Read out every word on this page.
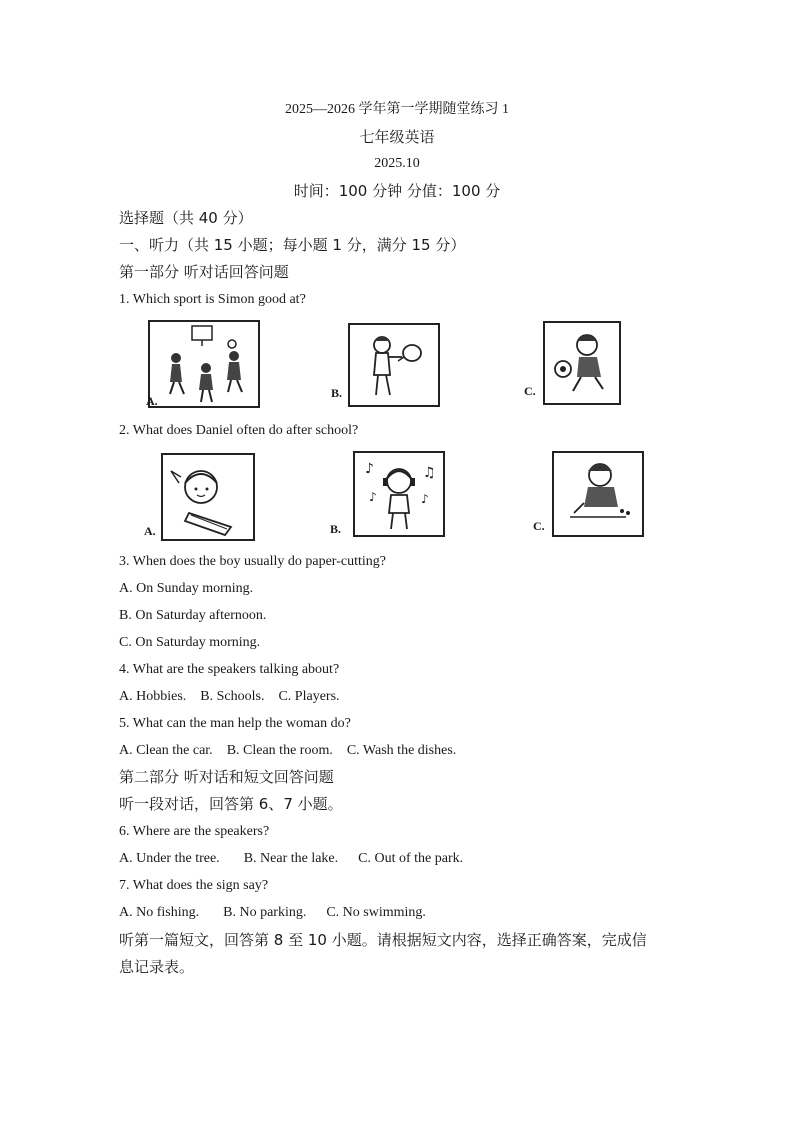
2025—2026 学年第一学期随堂练习 1
七年级英语
2025.10
时间：100 分钟 分值：100 分
选择题（共 40 分）
一、听力（共 15 小题；每小题 1 分，满分 15 分）
第一部分 听对话回答问题
1. Which sport is Simon good at?
A.
B.	C.
2. What does Daniel often do after school?
A.
♪	♫
♪	♪
B.	C.
3. When does the boy usually do paper-cutting?
A. On Sunday morning.
B. On Saturday afternoon.
C. On Saturday morning.
4. What are the speakers talking about?
A. Hobbies. B. Schools. C. Players.
5. What can the man help the woman do?
A. Clean the car. B. Clean the room. C. Wash the dishes.
第二部分 听对话和短文回答问题
听一段对话，回答第 6、7 小题。
6. Where are the speakers?
A. Under the tree. B. Near the lake. C. Out of the park.
7. What does the sign say?
A. No fishing. B. No parking. C. No swimming.
听第一篇短文，回答第 8 至 10 小题。请根据短文内容，选择正确答案，完成信
息记录表。
